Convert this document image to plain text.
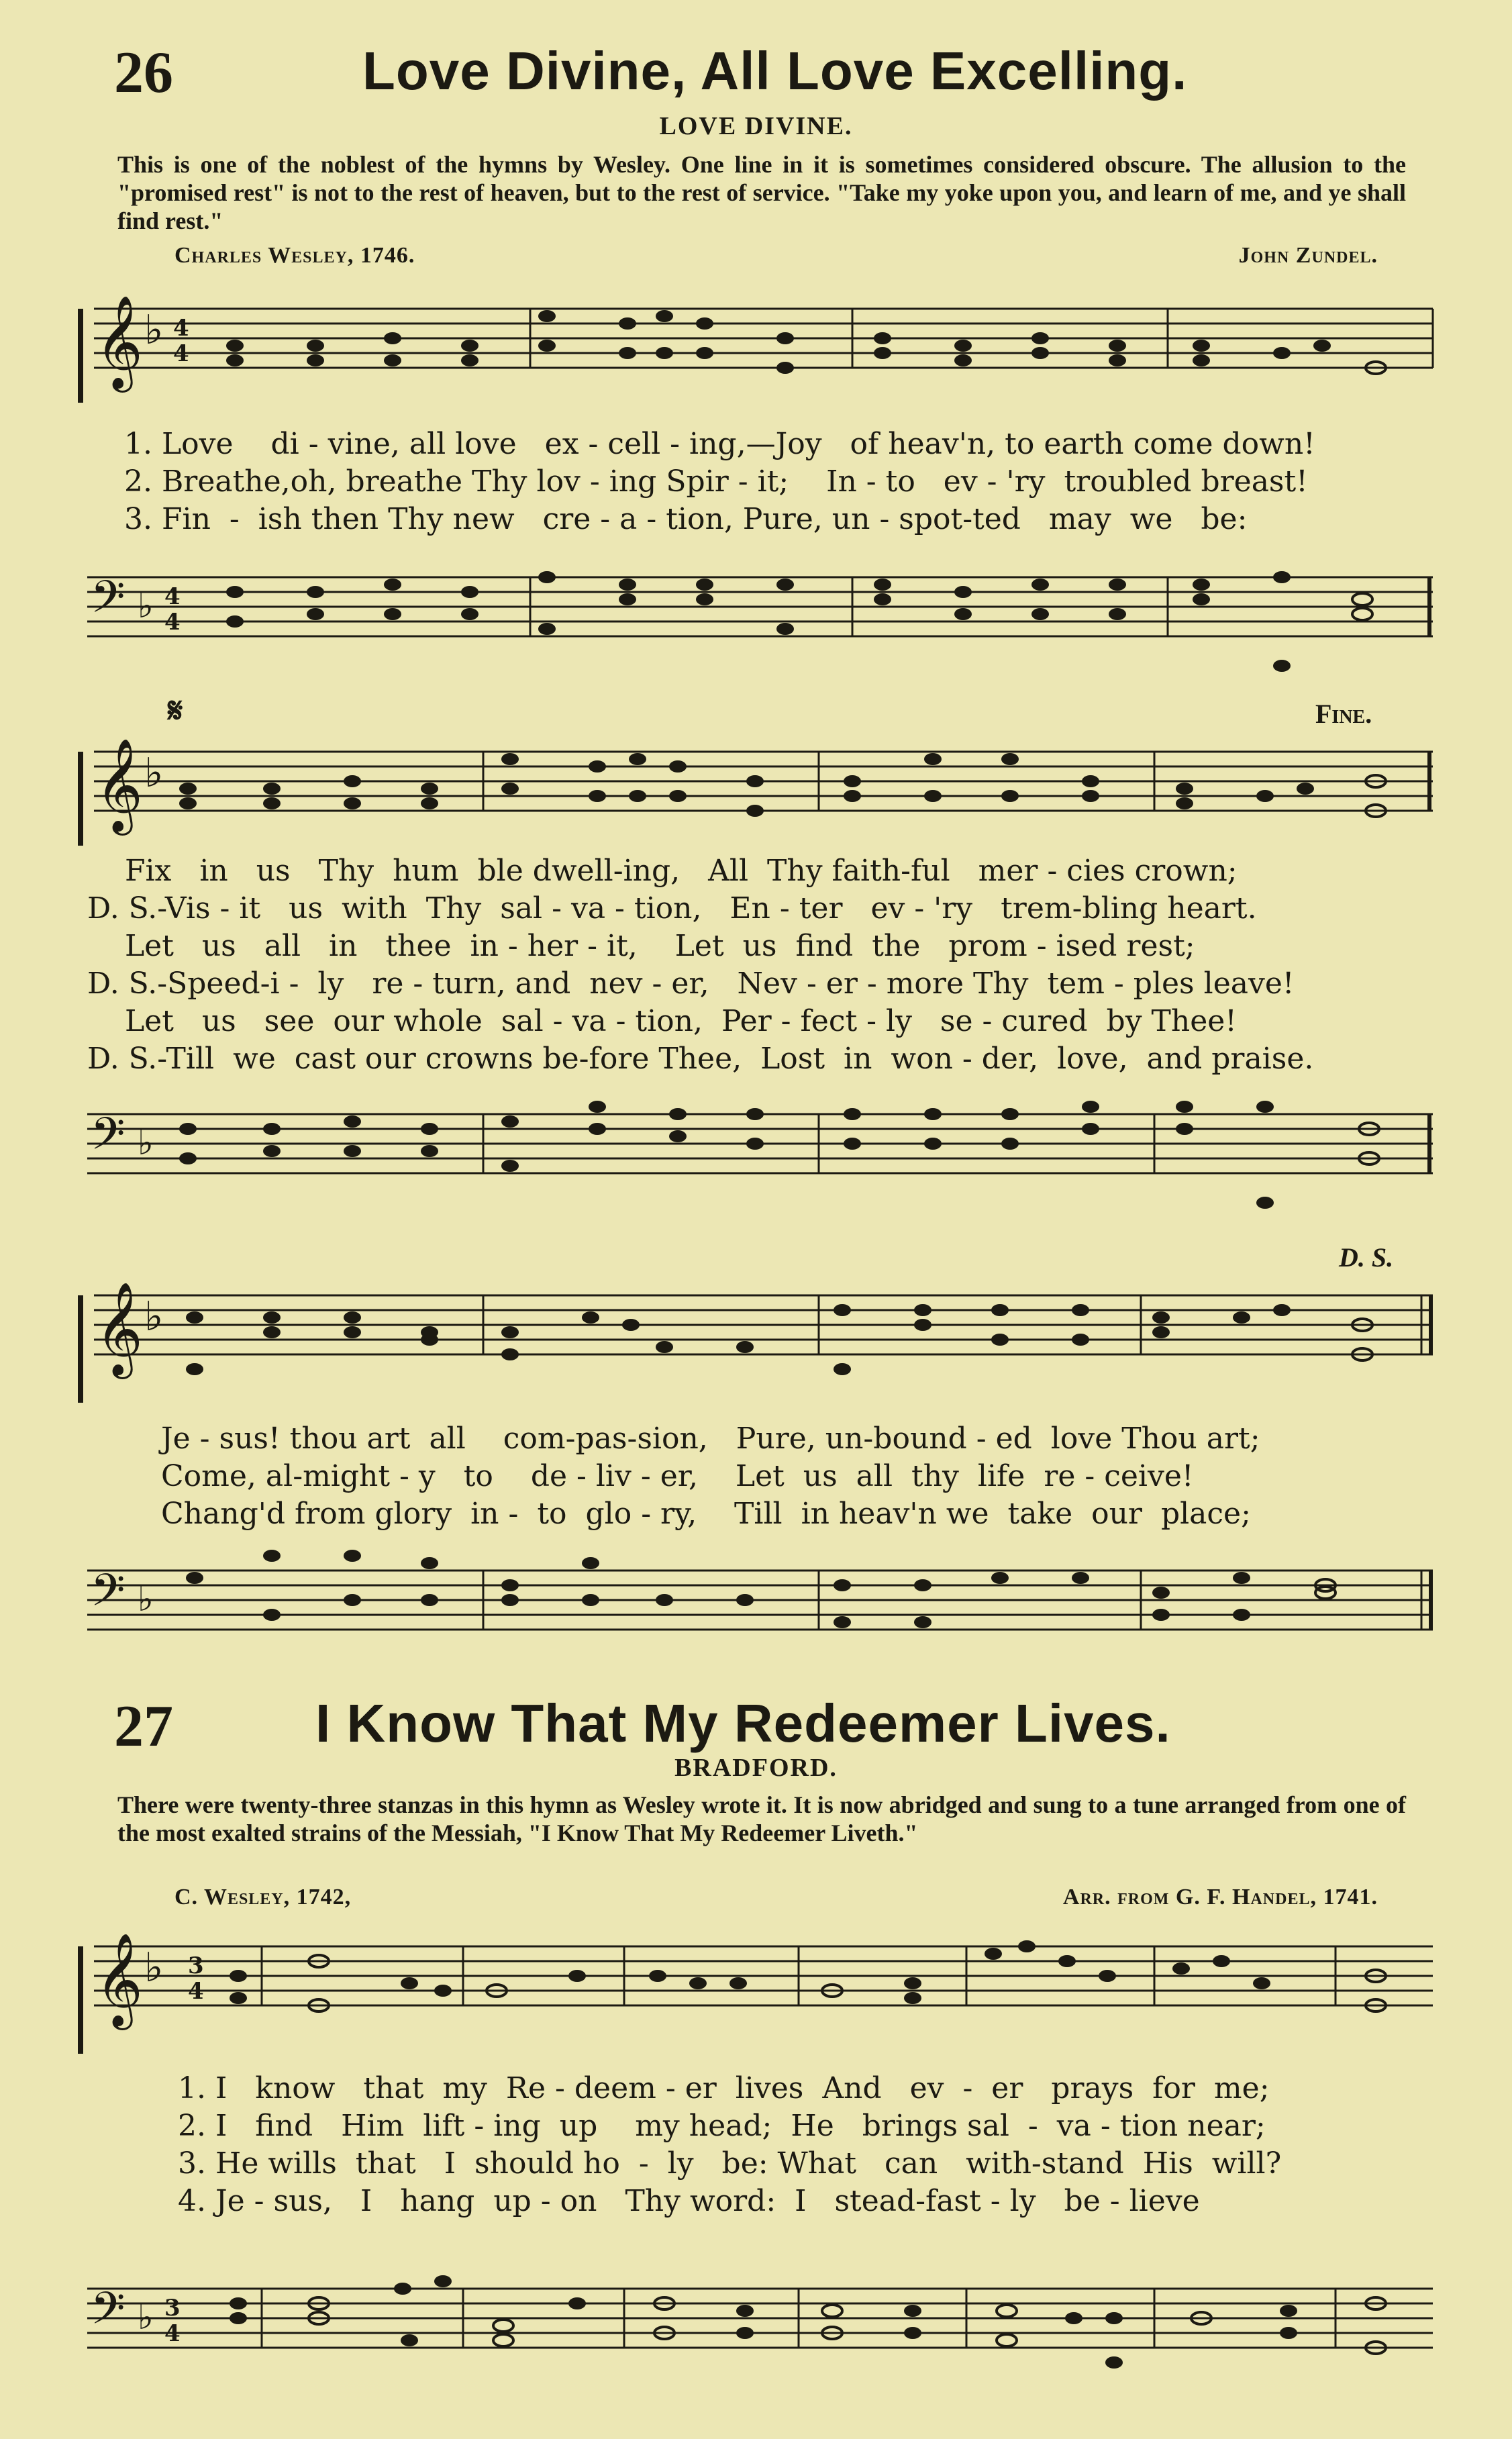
26	Love Divine, All Love Excelling.
LOVE DIVINE.
This is one of the noblest of the hymns by Wesley. One line in it is sometimes considered obscure. The allusion to the "promised rest" is not to the rest of heaven, but to the rest of service. "Take my yoke upon you, and learn of me, and ye shall find rest."
Charles Wesley, 1746.	John Zundel.
𝄞 ♭ 4
4
1. Love    di - vine, all love   ex - cell - ing,—Joy   of heav'n, to earth come down!
2. Breathe,oh, breathe Thy lov - ing Spir - it;    In - to   ev - 'ry  troubled breast!
3. Fin  -  ish then Thy new   cre - a - tion, Pure, un - spot-ted   may  we   be:
𝄢 ♭ 4
4
𝄋	Fine.
𝄞 ♭
Fix   in   us   Thy  hum  ble dwell-ing,   All  Thy faith-ful   mer - cies crown;
D. S.-Vis - it   us  with  Thy  sal - va - tion,   En - ter   ev - 'ry   trem-bling heart.
Let   us   all   in   thee  in - her - it,    Let  us  find  the   prom - ised rest;
D. S.-Speed-i -  ly   re - turn, and  nev - er,   Nev - er - more Thy  tem - ples leave!
Let   us   see  our whole  sal - va - tion,  Per - fect - ly   se - cured  by Thee!
D. S.-Till  we  cast our crowns be-fore Thee,  Lost  in  won - der,  love,  and praise.
𝄢 ♭
D. S.
𝄞 ♭
Je - sus! thou art  all    com-pas-sion,   Pure, un-bound - ed  love Thou art;
Come, al-might - y   to    de - liv - er,    Let  us  all  thy  life  re - ceive!
Chang'd from glory  in -  to  glo - ry,    Till  in heav'n we  take  our  place;
𝄢 ♭
27	I Know That My Redeemer Lives.
BRADFORD.
There were twenty-three stanzas in this hymn as Wesley wrote it. It is now abridged and sung to a tune arranged from one of the most exalted strains of the Messiah, "I Know That My Redeemer Liveth."
C. Wesley, 1742,	Arr. from G. F. Handel, 1741.
𝄞 ♭ 3
4
1. I   know   that  my  Re - deem - er  lives  And   ev  -  er   prays  for  me;
2. I   find   Him  lift - ing  up    my head;  He   brings sal  -  va - tion near;
3. He wills  that   I  should ho  -  ly   be: What   can   with-stand  His  will?
4. Je - sus,   I   hang  up - on   Thy word:  I   stead-fast - ly   be - lieve
𝄢 ♭ 3
4
